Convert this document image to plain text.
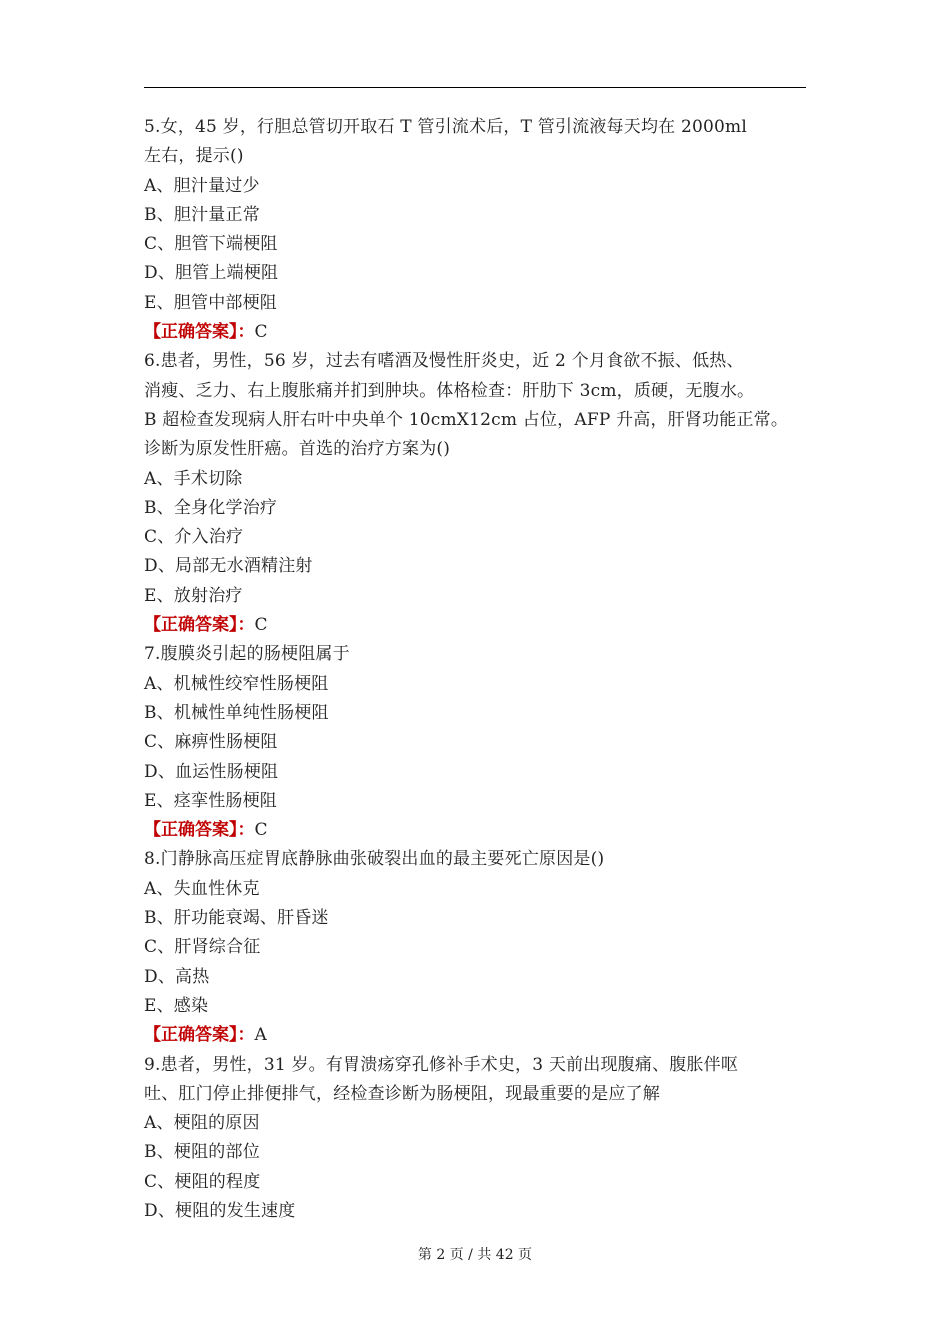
5.女，45 岁，行胆总管切开取石 T 管引流术后，T 管引流液每天均在 2000ml
左右，提示()
A、胆汁量过少
B、胆汁量正常
C、胆管下端梗阻
D、胆管上端梗阻
E、胆管中部梗阻
【正确答案】：C
6.患者，男性，56 岁，过去有嗜酒及慢性肝炎史，近 2 个月食欲不振、低热、
消瘦、乏力、右上腹胀痛并扪到肿块。体格检查：肝肋下 3cm，质硬，无腹水。
B 超检查发现病人肝右叶中央单个 10cmX12cm 占位，AFP 升高，肝肾功能正常。
诊断为原发性肝癌。首选的治疗方案为()
A、手术切除
B、全身化学治疗
C、介入治疗
D、局部无水酒精注射
E、放射治疗
【正确答案】：C
7.腹膜炎引起的肠梗阻属于
A、机械性绞窄性肠梗阻
B、机械性单纯性肠梗阻
C、麻痹性肠梗阻
D、血运性肠梗阻
E、痉挛性肠梗阻
【正确答案】：C
8.门静脉高压症胃底静脉曲张破裂出血的最主要死亡原因是()
A、失血性休克
B、肝功能衰竭、肝昏迷
C、肝肾综合征
D、高热
E、感染
【正确答案】：A
9.患者，男性，31 岁。有胃溃疡穿孔修补手术史，3 天前出现腹痛、腹胀伴呕
吐、肛门停止排便排气，经检查诊断为肠梗阻，现最重要的是应了解
A、梗阻的原因
B、梗阻的部位
C、梗阻的程度
D、梗阻的发生速度
第 2 页 / 共 42 页
